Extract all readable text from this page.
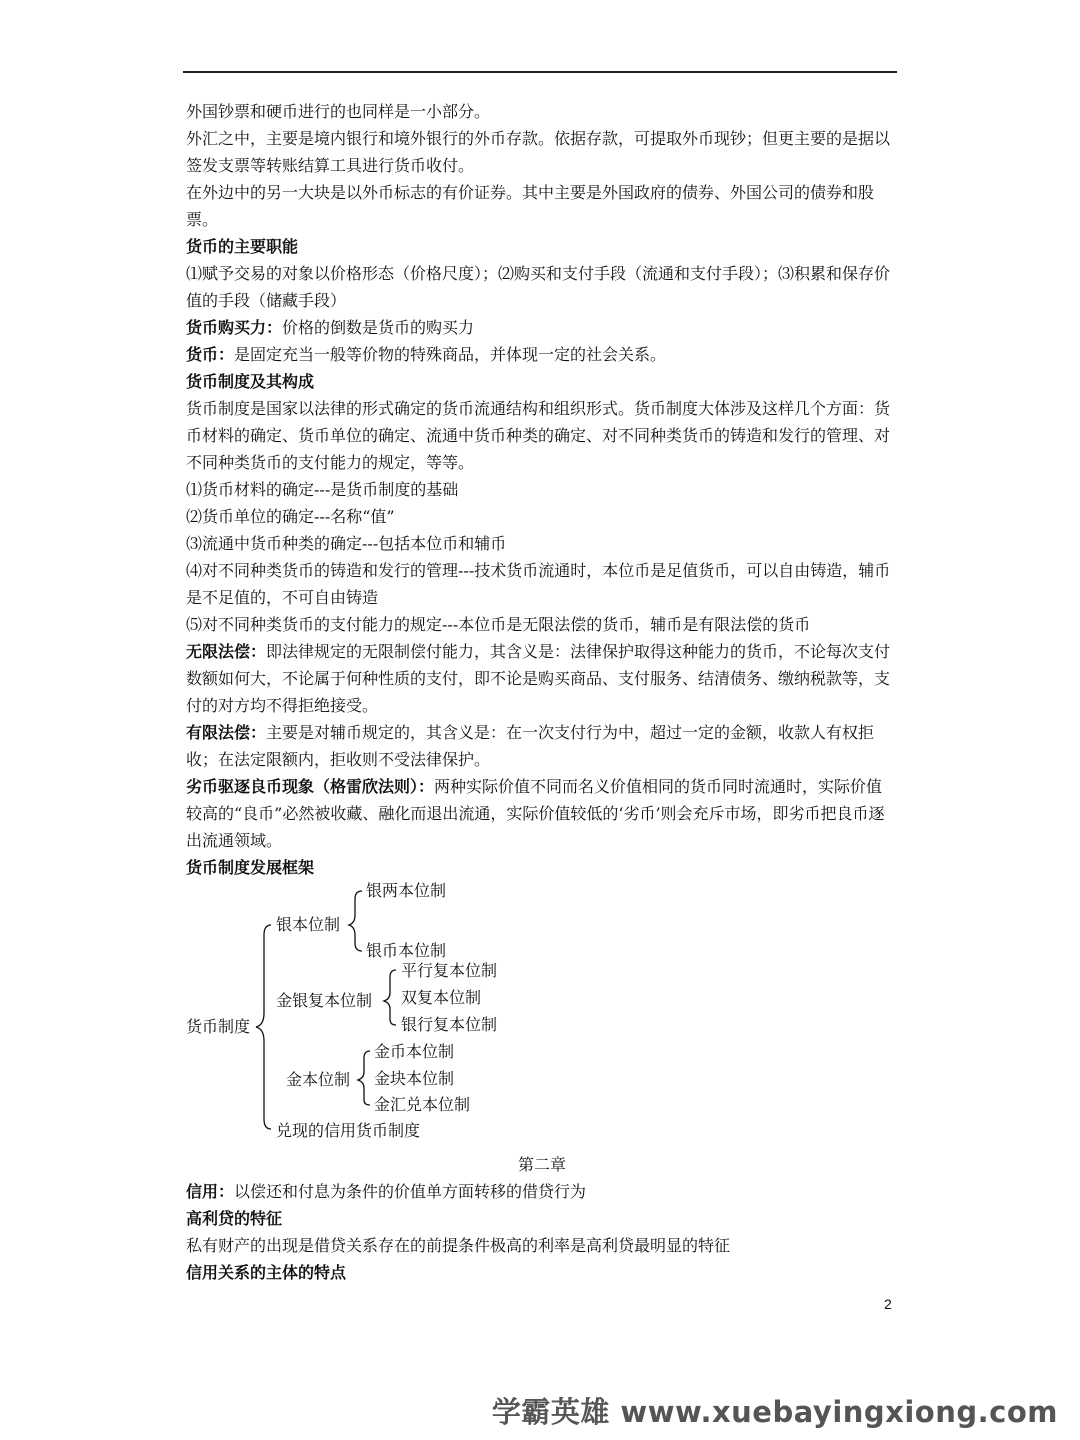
外国钞票和硬币进行的也同样是一小部分。

外汇之中，主要是境内银行和境外银行的外币存款。依据存款，可提取外币现钞；但更主要的是据以签发支票等转账结算工具进行货币收付。

在外边中的另一大块是以外币标志的有价证券。其中主要是外国政府的债券、外国公司的债券和股票。

货币的主要职能

⑴赋予交易的对象以价格形态（价格尺度）；⑵购买和支付手段（流通和支付手段）；⑶积累和保存价值的手段（储藏手段）

货币购买力：价格的倒数是货币的购买力

货币：是固定充当一般等价物的特殊商品，并体现一定的社会关系。

货币制度及其构成

货币制度是国家以法律的形式确定的货币流通结构和组织形式。货币制度大体涉及这样几个方面：货币材料的确定、货币单位的确定、流通中货币种类的确定、对不同种类货币的铸造和发行的管理、对不同种类货币的支付能力的规定，等等。

⑴货币材料的确定---是货币制度的基础

⑵货币单位的确定---名称“值”

⑶流通中货币种类的确定---包括本位币和辅币

⑷对不同种类货币的铸造和发行的管理---技术货币流通时，本位币是足值货币，可以自由铸造，辅币是不足值的，不可自由铸造

⑸对不同种类货币的支付能力的规定---本位币是无限法偿的货币，辅币是有限法偿的货币

无限法偿：即法律规定的无限制偿付能力，其含义是：法律保护取得这种能力的货币，不论每次支付数额如何大，不论属于何种性质的支付，即不论是购买商品、支付服务、结清债务、缴纳税款等，支付的对方均不得拒绝接受。

有限法偿：主要是对辅币规定的，其含义是：在一次支付行为中，超过一定的金额，收款人有权拒收；在法定限额内，拒收则不受法律保护。

劣币驱逐良币现象（格雷欣法则）：两种实际价值不同而名义价值相同的货币同时流通时，实际价值较高的“良币”必然被收藏、融化而退出流通，实际价值较低的‘劣币’则会充斥市场，即劣币把良币逐出流通领域。

货币制度发展框架

货币制度
银本位制
银两本位制
银币本位制
金银复本位制
平行复本位制
双复本位制
银行复本位制
金本位制
金币本位制
金块本位制
金汇兑本位制
兑现的信用货币制度

第二章

信用：以偿还和付息为条件的价值单方面转移的借贷行为

高利贷的特征

私有财产的出现是借贷关系存在的前提条件极高的利率是高利贷最明显的特征

信用关系的主体的特点

2
学霸英雄 www.xuebayingxiong.com
